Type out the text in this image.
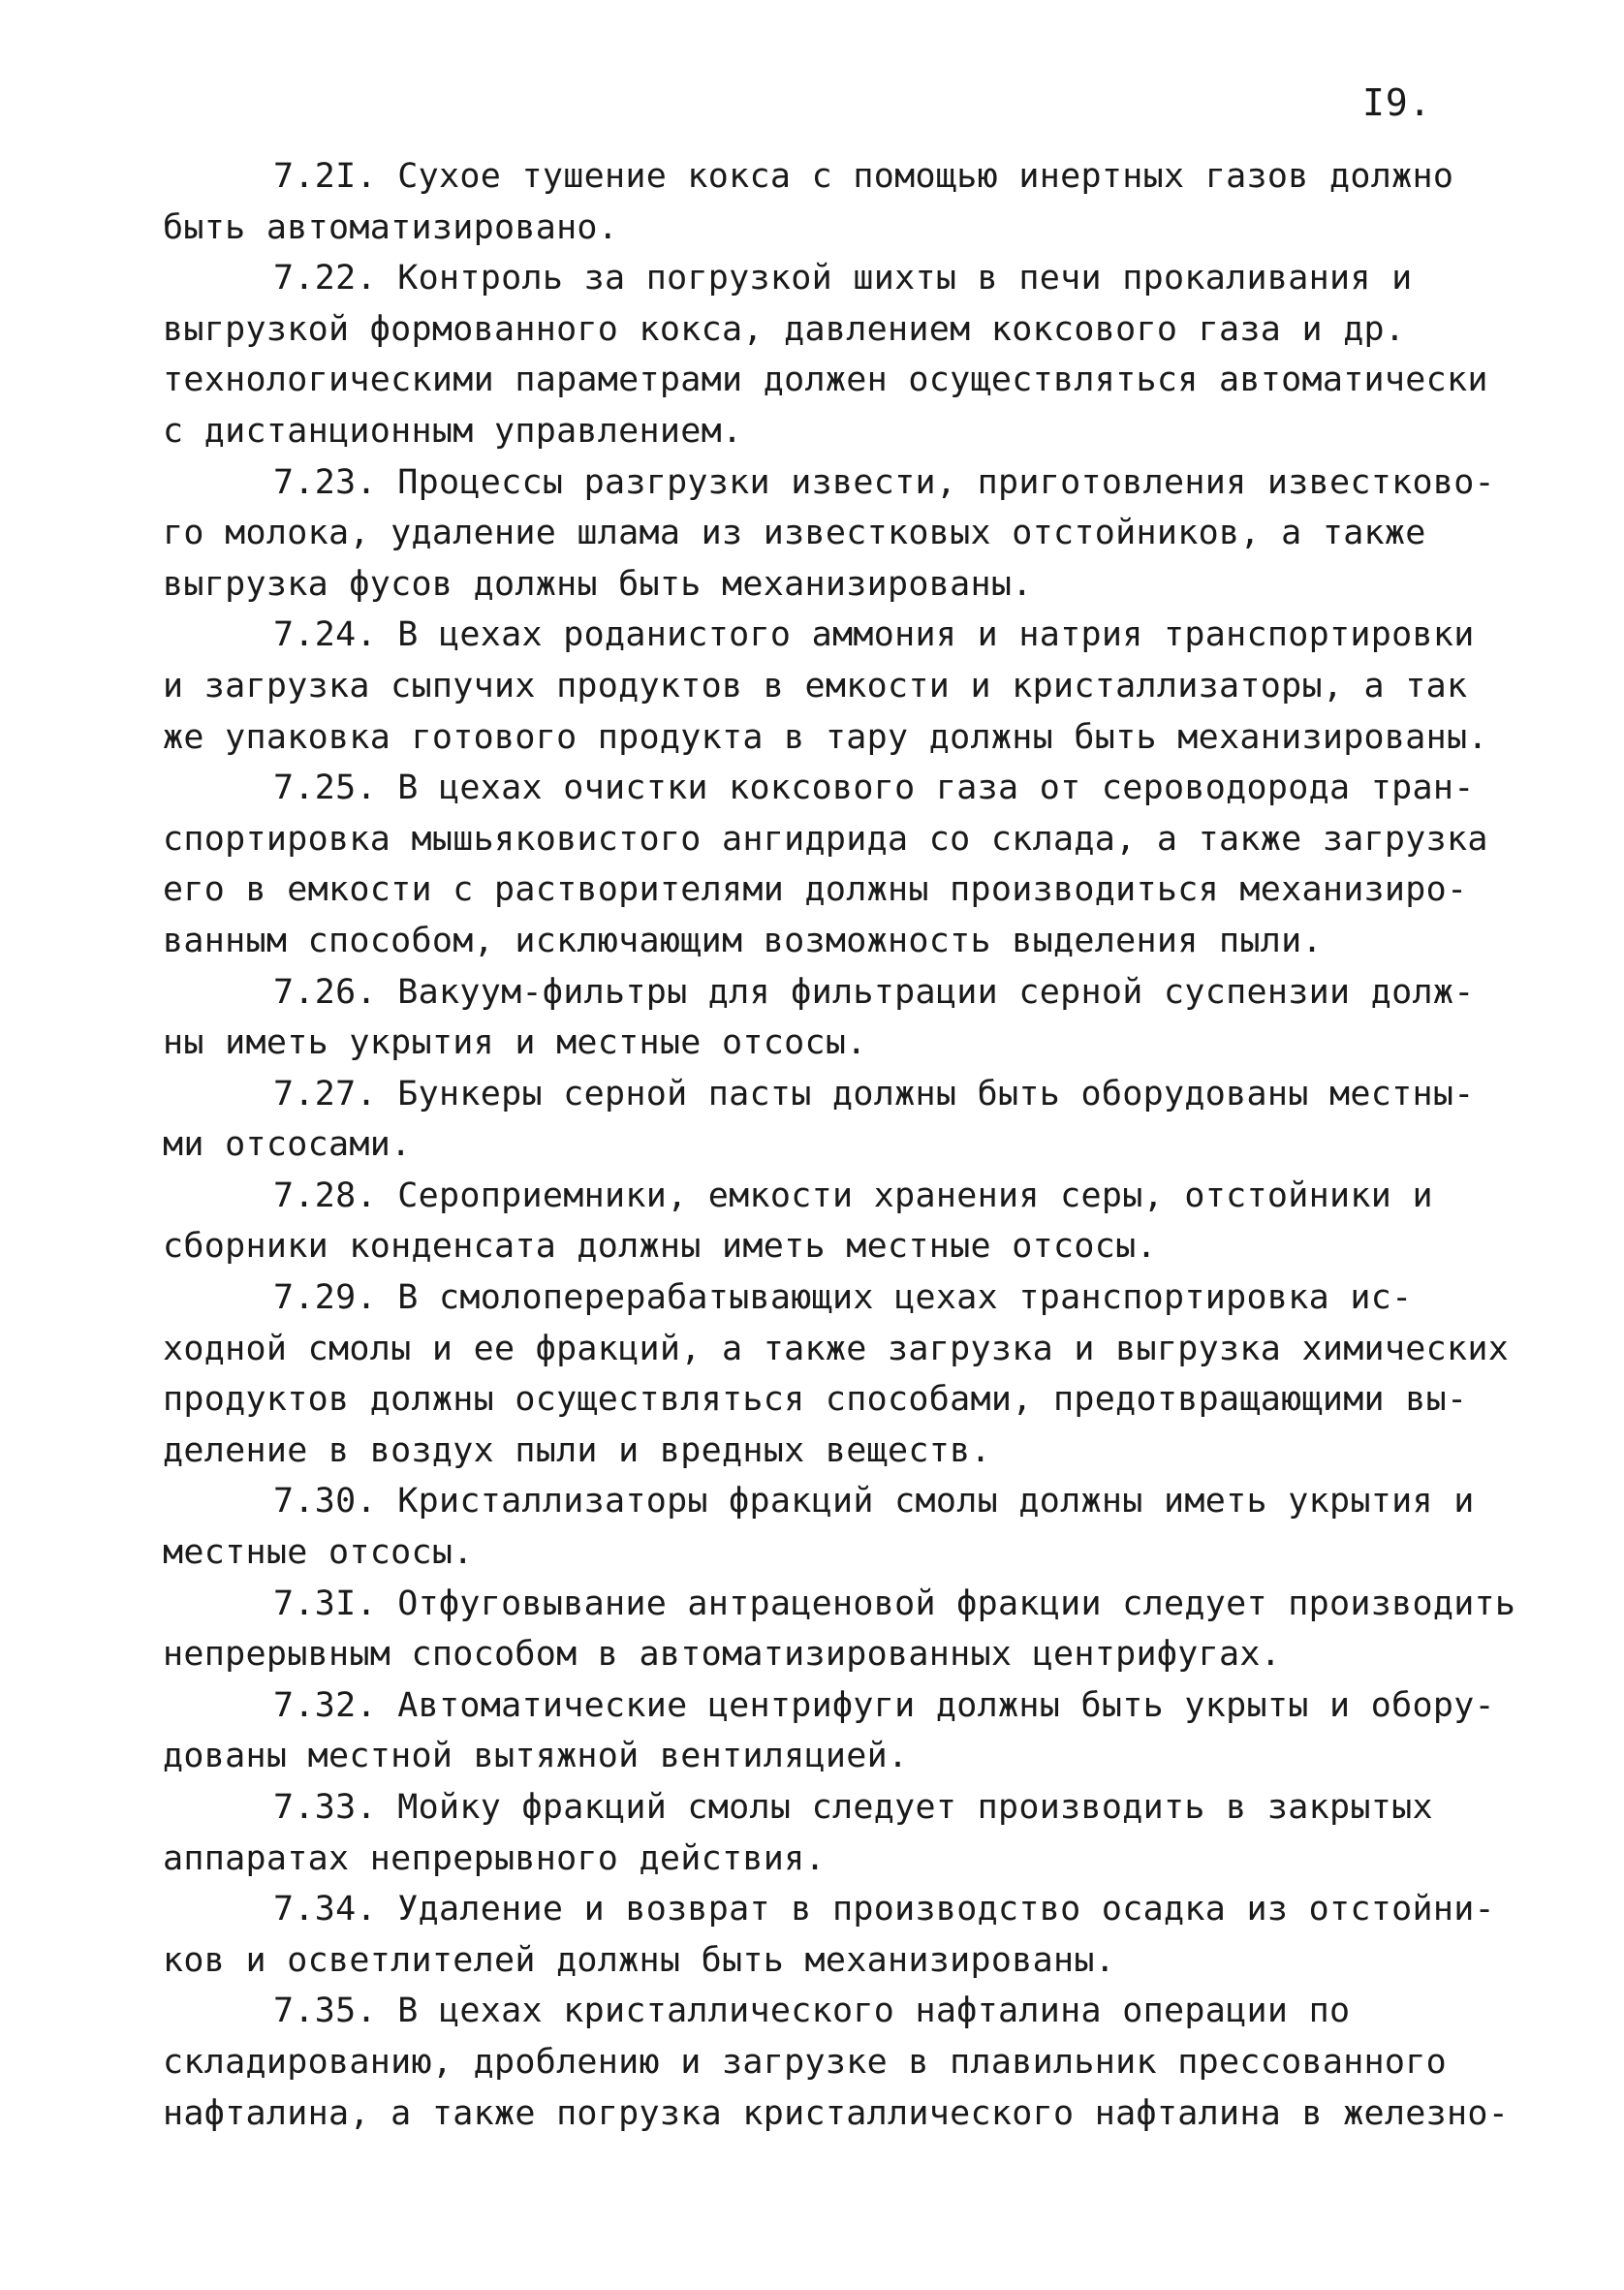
I9.
7.2I. Сухое тушение кокса с помощью инертных газов должно
быть автоматизировано.
7.22. Контроль за погрузкой шихты в печи прокаливания и
выгрузкой формованного кокса, давлением коксового газа и др.
технологическими параметрами должен осуществляться автоматически
с дистанционным управлением.
7.23. Процессы разгрузки извести, приготовления известково-
го молока, удаление шлама из известковых отстойников, а также
выгрузка фусов должны быть механизированы.
7.24. В цехах роданистого аммония и натрия транспортировки
и загрузка сыпучих продуктов в емкости и кристаллизаторы, а так
же упаковка готового продукта в тару должны быть механизированы.
7.25. В цехах очистки коксового газа от сероводорода тран-
спортировка мышьяковистого ангидрида со склада, а также загрузка
его в емкости с растворителями должны производиться механизиро-
ванным способом, исключающим возможность выделения пыли.
7.26. Вакуум-фильтры для фильтрации серной суспензии долж-
ны иметь укрытия и местные отсосы.
7.27. Бункеры серной пасты должны быть оборудованы местны-
ми отсосами.
7.28. Сероприемники, емкости хранения серы, отстойники и
сборники конденсата должны иметь местные отсосы.
7.29. В смолоперерабатывающих цехах транспортировка ис-
ходной смолы и ее фракций, а также загрузка и выгрузка химических
продуктов должны осуществляться способами, предотвращающими вы-
деление в воздух пыли и вредных веществ.
7.30. Кристаллизаторы фракций смолы должны иметь укрытия и
местные отсосы.
7.3I. Отфуговывание антраценовой фракции следует производить
непрерывным способом в автоматизированных центрифугах.
7.32. Автоматические центрифуги должны быть укрыты и обору-
дованы местной вытяжной вентиляцией.
7.33. Мойку фракций смолы следует производить в закрытых
аппаратах непрерывного действия.
7.34. Удаление и возврат в производство осадка из отстойни-
ков и осветлителей должны быть механизированы.
7.35. В цехах кристаллического нафталина операции по
складированию, дроблению и загрузке в плавильник прессованного
нафталина, а также погрузка кристаллического нафталина в железно-
